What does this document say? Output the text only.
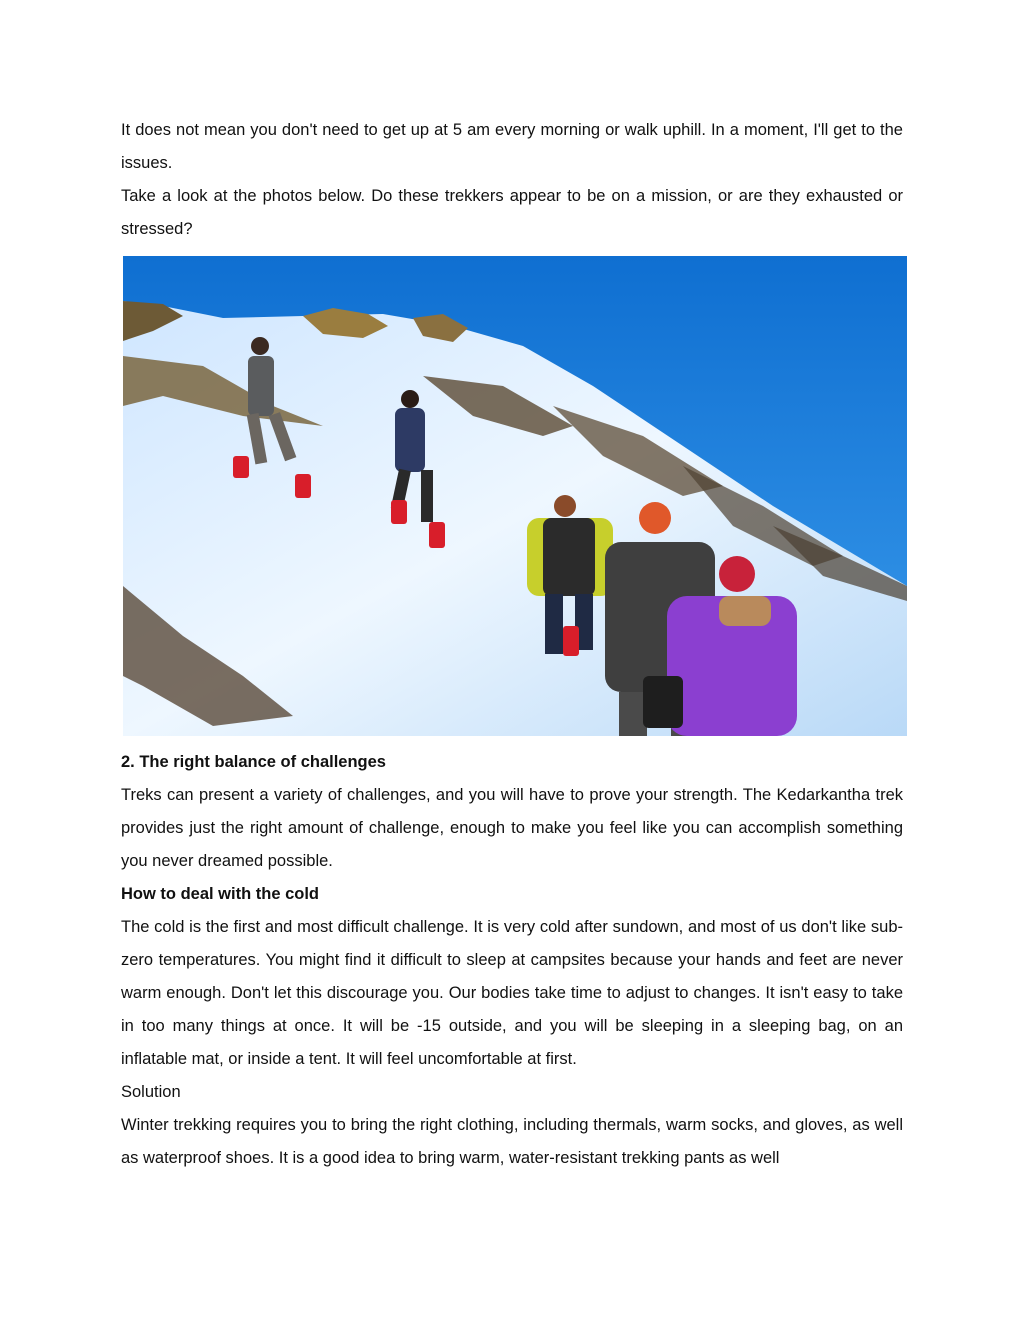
It does not mean you don't need to get up at 5 am every morning or walk uphill. In a moment, I'll get to the issues.

Take a look at the photos below. Do these trekkers appear to be on a mission, or are they exhausted or stressed?

2. The right balance of challenges

Treks can present a variety of challenges, and you will have to prove your strength. The Kedarkantha trek provides just the right amount of challenge, enough to make you feel like you can accomplish something you never dreamed possible.

How to deal with the cold

The cold is the first and most difficult challenge. It is very cold after sundown, and most of us don't like sub-zero temperatures. You might find it difficult to sleep at campsites because your hands and feet are never warm enough. Don't let this discourage you. Our bodies take time to adjust to changes. It isn't easy to take in too many things at once. It will be -15 outside, and you will be sleeping in a sleeping bag, on an inflatable mat, or inside a tent. It will feel uncomfortable at first.

Solution

Winter trekking requires you to bring the right clothing, including thermals, warm socks, and gloves, as well as waterproof shoes. It is a good idea to bring warm, water-resistant trekking pants as well
